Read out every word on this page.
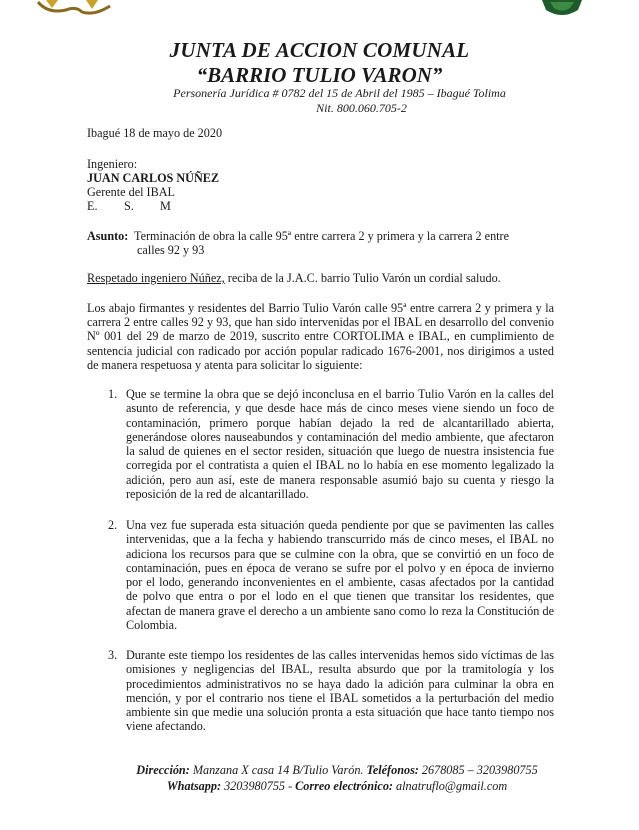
JUNTA DE ACCION COMUNAL
“BARRIO TULIO VARON”
Personería Jurídica # 0782 del 15 de Abril del 1985 – Ibagué Tolima
Nit. 800.060.705-2
Ibagué 18 de mayo de 2020
Ingeniero:
JUAN CARLOS NÚÑEZ
Gerente del IBAL
E. S. M
Asunto: Terminación de obra la calle 95ª entre carrera 2 y primera y la carrera 2 entre
calles 92 y 93
Respetado ingeniero Núñez, reciba de la J.A.C. barrio Tulio Varón un cordial saludo.
Los abajo firmantes y residentes del Barrio Tulio Varón calle 95ª entre carrera 2 y primera y la carrera 2 entre calles 92 y 93, que han sido intervenidas por el IBAL en desarrollo del convenio Nº 001 del 29 de marzo de 2019, suscrito entre CORTOLIMA e IBAL, en cumplimiento de sentencia judicial con radicado por acción popular radicado 1676-2001, nos dirigimos a usted de manera respetuosa y atenta para solicitar lo siguiente:
1. Que se termine la obra que se dejó inconclusa en el barrio Tulio Varón en la calles del asunto de referencia, y que desde hace más de cinco meses viene siendo un foco de contaminación, primero porque habían dejado la red de alcantarillado abierta, generándose olores nauseabundos y contaminación del medio ambiente, que afectaron la salud de quienes en el sector residen, situación que luego de nuestra insistencia fue corregida por el contratista a quien el IBAL no lo había en ese momento legalizado la adición, pero aun así, este de manera responsable asumió bajo su cuenta y riesgo la reposición de la red de alcantarillado.
2. Una vez fue superada esta situación queda pendiente por que se pavimenten las calles intervenidas, que a la fecha y habiendo transcurrido más de cinco meses, el IBAL no adiciona los recursos para que se culmine con la obra, que se convirtió en un foco de contaminación, pues en época de verano se sufre por el polvo y en época de invierno por el lodo, generando inconvenientes en el ambiente, casas afectados por la cantidad de polvo que entra o por el lodo en el que tienen que transitar los residentes, que afectan de manera grave el derecho a un ambiente sano como lo reza la Constitución de Colombia.
3. Durante este tiempo los residentes de las calles intervenidas hemos sido víctimas de las omisiones y negligencias del IBAL, resulta absurdo que por la tramitología y los procedimientos administrativos no se haya dado la adición para culminar la obra en mención, y por el contrario nos tiene el IBAL sometidos a la perturbación del medio ambiente sin que medie una solución pronta a esta situación que hace tanto tiempo nos viene afectando.
Dirección: Manzana X casa 14 B/Tulio Varón. Teléfonos: 2678085 – 3203980755
Whatsapp: 3203980755 - Correo electrónico: alnatruflo@gmail.com
